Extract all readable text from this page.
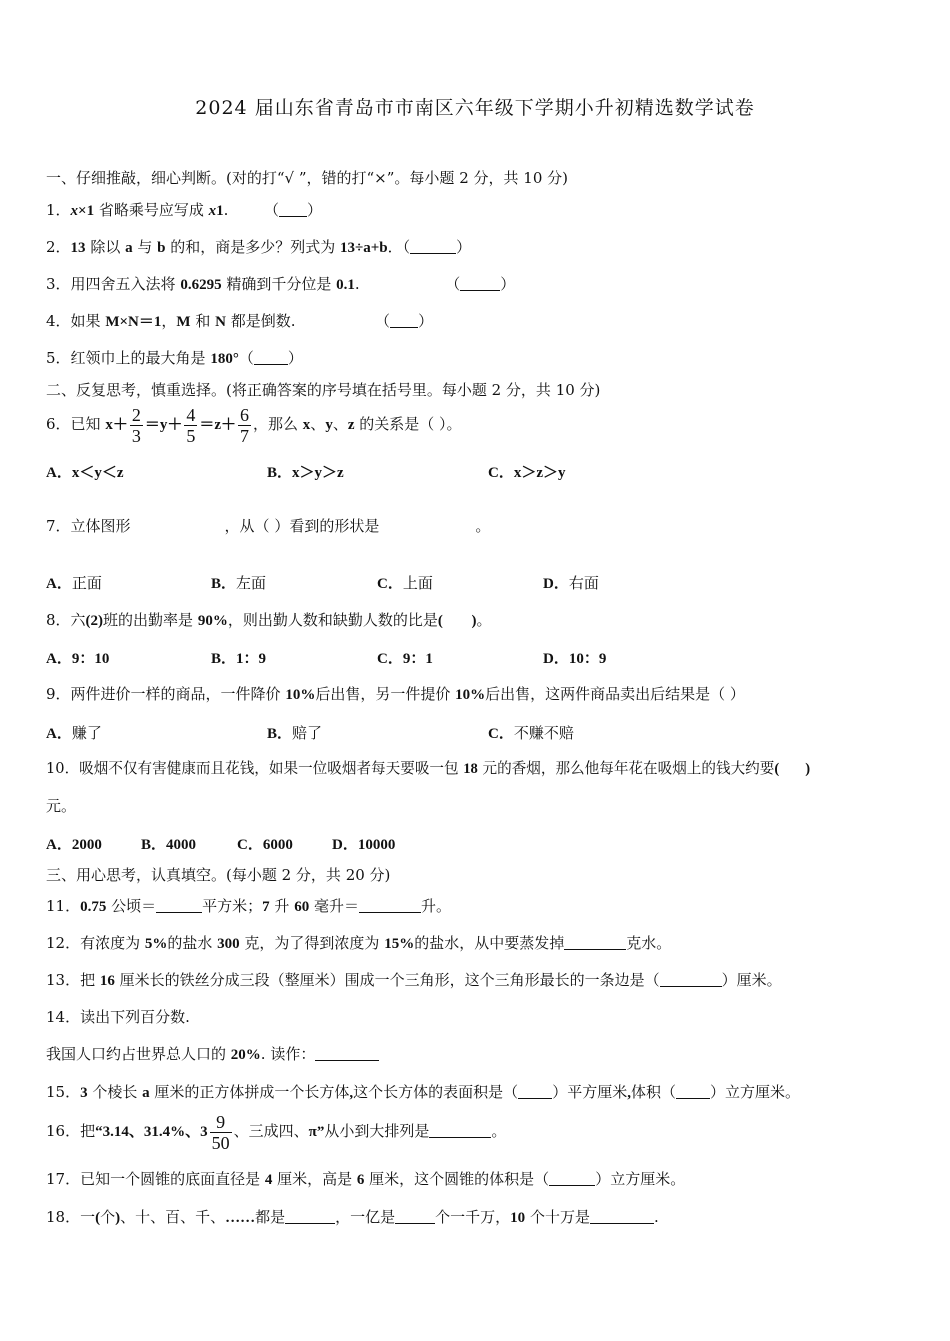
2024 届山东省青岛市市南区六年级下学期小升初精选数学试卷
一、仔细推敲，细心判断。(对的打“√ ”，错的打“×”。每小题 2 分，共 10 分)
1．x×1 省略乘号应写成 x1. （ ）
2．13 除以 a 与 b 的和，商是多少？列式为 13÷a+b．（	）
3．用四舍五入法将 0.6295 精确到千分位是 0.1.	（	）
4．如果 M×N＝1，M 和 N 都是倒数.	（ ）
5．红领巾上的最大角是 180°（ ）
二、反复思考，慎重选择。(将正确答案的序号填在括号里。每小题 2 分，共 10 分)
6．已知 $x+ \frac{2}{3} =y+ \frac{4}{5} =z+ \frac{6}{7}$ ，那么 x、y、z 的关系是（ ）。
A．x＜y＜z	B．x＞y＞z	C．x＞z＞y
7．立体图形	，从（ ）看到的形状是	。
A．正面	B．左面	C．上面	D．右面
8．六(2)班的出勤率是 90%，则出勤人数和缺勤人数的比是( )。
A．9：10	B．1：9	C．9：1	D．10：9
9．两件进价一样的商品，一件降价 10%后出售，另一件提价 10%后出售，这两件商品卖出后结果是（ ）
A．赚了	B．赔了	C．不赚不赔
10．吸烟不仅有害健康而且花钱，如果一位吸烟者每天要吸一包 18 元的香烟，那么他每年花在吸烟上的钱大约要( )
元。
A．2000	B．4000	C．6000	D．10000
三、用心思考，认真填空。(每小题 2 分，共 20 分)
11．0.75 公顷＝	平方米；7 升 60 毫升＝	升。
12．有浓度为 5%的盐水 300 克，为了得到浓度为 15%的盐水，从中要蒸发掉	克水。
13．把 16 厘米长的铁丝分成三段（整厘米）围成一个三角形，这个三角形最长的一条边是（	）厘米。
14．读出下列百分数.
我国人口约占世界总人口的 20%. 读作：
15．3 个棱长 a 厘米的正方体拼成一个长方体,这个长方体的表面积是（ ）平方厘米,体积（ ）立方厘米。
16．把“3.14、31.4%、$3 \frac{9}{50}$ 、三成四、π”从小到大排列是	。
17．已知一个圆锥的底面直径是 4 厘米，高是 6 厘米，这个圆锥的体积是（	）立方厘米。
18．一(个)、十、百、千、……都是	，一亿是	个一千万，10 个十万是	.
